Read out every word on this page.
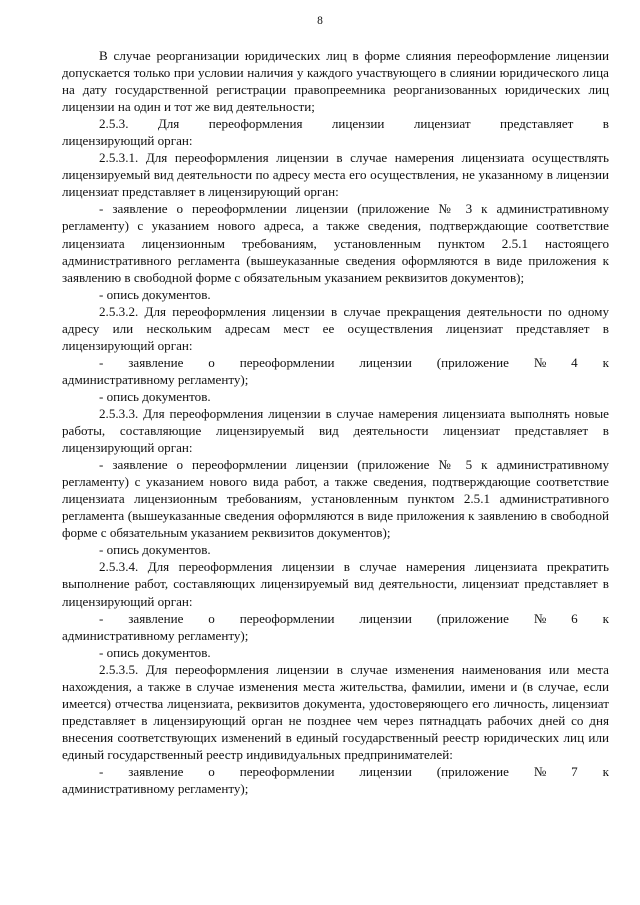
8

В случае реорганизации юридических лиц в форме слияния переоформление лицензии допускается только при условии наличия у каждого участвующего в слиянии юридического лица на дату государственной регистрации правопреемника реорганизованных юридических лиц лицензии на один и тот же вид деятельности;

2.5.3. Для переоформления лицензии лицензиат представляет в

лицензирующий орган:

2.5.3.1. Для переоформления лицензии в случае намерения лицензиата осуществлять лицензируемый вид деятельности по адресу места его осуществления, не указанному в лицензии лицензиат представляет в лицензирующий орган:

- заявление о переоформлении лицензии (приложение № 3 к административному регламенту) с указанием нового адреса, а также сведения, подтверждающие соответствие лицензиата лицензионным требованиям, установленным пунктом 2.5.1 настоящего административного регламента (вышеуказанные сведения оформляются в виде приложения к заявлению в свободной форме с обязательным указанием реквизитов документов);

- опись документов.

2.5.3.2. Для переоформления лицензии в случае прекращения деятельности по одному адресу или нескольким адресам мест ее осуществления лицензиат представляет в лицензирующий орган:

- заявление о переоформлении лицензии (приложение № 4 к

административному регламенту);

- опись документов.

2.5.3.3. Для переоформления лицензии в случае намерения лицензиата выполнять новые работы, составляющие лицензируемый вид деятельности лицензиат представляет в лицензирующий орган:

- заявление о переоформлении лицензии (приложение № 5 к административному регламенту) с указанием нового вида работ, а также сведения, подтверждающие соответствие лицензиата лицензионным требованиям, установленным пунктом 2.5.1 административного регламента (вышеуказанные сведения оформляются в виде приложения к заявлению в свободной форме с обязательным указанием реквизитов документов);

- опись документов.

2.5.3.4. Для переоформления лицензии в случае намерения лицензиата прекратить выполнение работ, составляющих лицензируемый вид деятельности, лицензиат представляет в лицензирующий орган:

- заявление о переоформлении лицензии (приложение № 6 к

административному регламенту);

- опись документов.

2.5.3.5. Для переоформления лицензии в случае изменения наименования или места нахождения, а также в случае изменения места жительства, фамилии, имени и (в случае, если имеется) отчества лицензиата, реквизитов документа, удостоверяющего его личность, лицензиат представляет в лицензирующий орган не позднее чем через пятнадцать рабочих дней со дня внесения соответствующих изменений в единый государственный реестр юридических лиц или единый государственный реестр индивидуальных предпринимателей:

- заявление о переоформлении лицензии (приложение № 7 к

административному регламенту);
